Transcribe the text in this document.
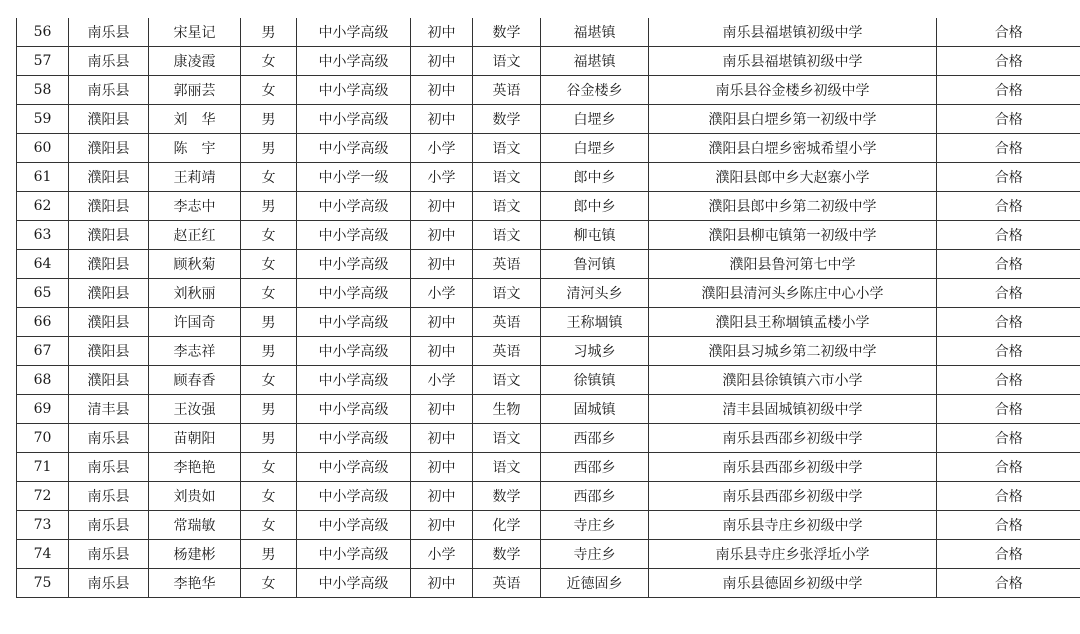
56	南乐县	宋星记	男	中小学高级	初中	数学	福堪镇	南乐县福堪镇初级中学	合格
57	南乐县	康凌霞	女	中小学高级	初中	语文	福堪镇	南乐县福堪镇初级中学	合格
58	南乐县	郭丽芸	女	中小学高级	初中	英语	谷金楼乡	南乐县谷金楼乡初级中学	合格
59	濮阳县	刘　华	男	中小学高级	初中	数学	白堽乡	濮阳县白堽乡第一初级中学	合格
60	濮阳县	陈　宇	男	中小学高级	小学	语文	白堽乡	濮阳县白堽乡密城希望小学	合格
61	濮阳县	王莉靖	女	中小学一级	小学	语文	郎中乡	濮阳县郎中乡大赵寨小学	合格
62	濮阳县	李志中	男	中小学高级	初中	语文	郎中乡	濮阳县郎中乡第二初级中学	合格
63	濮阳县	赵正红	女	中小学高级	初中	语文	柳屯镇	濮阳县柳屯镇第一初级中学	合格
64	濮阳县	顾秋菊	女	中小学高级	初中	英语	鲁河镇	濮阳县鲁河第七中学	合格
65	濮阳县	刘秋丽	女	中小学高级	小学	语文	清河头乡	濮阳县清河头乡陈庄中心小学	合格
66	濮阳县	许国奇	男	中小学高级	初中	英语	王称堌镇	濮阳县王称堌镇孟楼小学	合格
67	濮阳县	李志祥	男	中小学高级	初中	英语	习城乡	濮阳县习城乡第二初级中学	合格
68	濮阳县	顾春香	女	中小学高级	小学	语文	徐镇镇	濮阳县徐镇镇六市小学	合格
69	清丰县	王汝强	男	中小学高级	初中	生物	固城镇	清丰县固城镇初级中学	合格
70	南乐县	苗朝阳	男	中小学高级	初中	语文	西邵乡	南乐县西邵乡初级中学	合格
71	南乐县	李艳艳	女	中小学高级	初中	语文	西邵乡	南乐县西邵乡初级中学	合格
72	南乐县	刘贵如	女	中小学高级	初中	数学	西邵乡	南乐县西邵乡初级中学	合格
73	南乐县	常瑞敏	女	中小学高级	初中	化学	寺庄乡	南乐县寺庄乡初级中学	合格
74	南乐县	杨建彬	男	中小学高级	小学	数学	寺庄乡	南乐县寺庄乡张浮坵小学	合格
75	南乐县	李艳华	女	中小学高级	初中	英语	近德固乡	南乐县德固乡初级中学	合格
